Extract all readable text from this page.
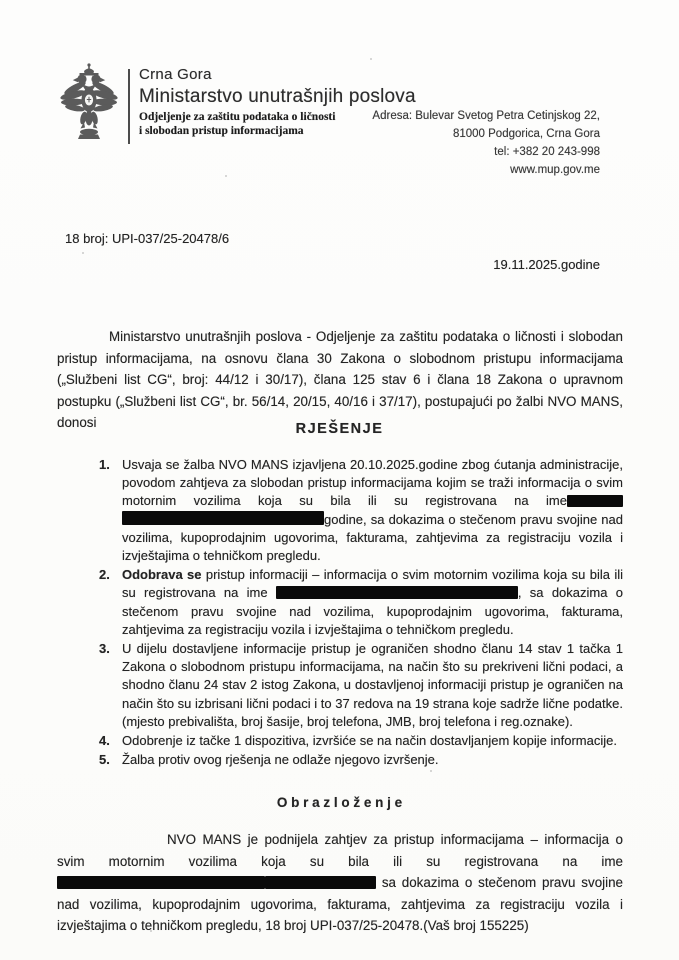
Crna Gora
Ministarstvo unutrašnjih poslova
Odjeljenje za zaštitu podataka o ličnosti
i slobodan pristup informacijama
Adresa: Bulevar Svetog Petra Cetinjskog 22,
81000 Podgorica, Crna Gora
tel: +382 20 243-998
www.mup.gov.me
18 broj: UPI-037/25-20478/6
19.11.2025.godine

Ministarstvo unutrašnjih poslova - Odjeljenje za zaštitu podataka o ličnosti i slobodan pristup informacijama, na osnovu člana 30 Zakona o slobodnom pristupu informacijama („Službeni list CG“, broj: 44/12 i 30/17), člana 125 stav 6 i člana 18 Zakona o upravnom postupku („Službeni list CG“, br. 56/14, 20/15, 40/16 i 37/17), postupajući po žalbi NVO MANS, donosi	RJEŠENJE
1. Usvaja se žalba NVO MANS izjavljena 20.10.2025.godine zbog ćutanja administracije, povodom zahtjeva za slobodan pristup informacijama kojim se traži informacija o svim motornim vozilima koja su bila ili su registrovana na imegodine, sa dokazima o stečenom pravu svojine nad vozilima, kupoprodajnim ugovorima, fakturama, zahtjevima za registraciju vozila i izvještajima o tehničkom pregledu.
2. Odobrava se pristup informaciji – informacija o svim motornim vozilima koja su bila ili su registrovana na ime	, sa dokazima o stečenom pravu svojine nad vozilima, kupoprodajnim ugovorima, fakturama, zahtjevima za registraciju vozila i izvještajima o tehničkom pregledu.
3. U dijelu dostavljene informacije pristup je ograničen shodno članu 14 stav 1 tačka 1 Zakona o slobodnom pristupu informacijama, na način što su prekriveni lični podaci, a shodno članu 24 stav 2 istog Zakona, u dostavljenoj informaciji pristup je ograničen na način što su izbrisani lični podaci i to 37 redova na 19 strana koje sadrže lične podatke. (mjesto prebivališta, broj šasije, broj telefona, JMB, broj telefona i reg.oznake).
4. Odobrenje iz tačke 1 dispozitiva, izvršiće se na način dostavljanjem kopije informacije.
5. Žalba protiv ovog rješenja ne odlaže njegovo izvršenje.
O b r a z l o ž e n j e

NVO MANS je podnijela zahtjev za pristup informacijama – informacija o svim motornim vozilima koja su bila ili su registrovana na ime  sa dokazima o stečenom pravu svojine nad vozilima, kupoprodajnim ugovorima, fakturama, zahtjevima za registraciju vozila i izvještajima o tehničkom pregledu, 18 broj UPI-037/25-20478.(Vaš broj 155225)
